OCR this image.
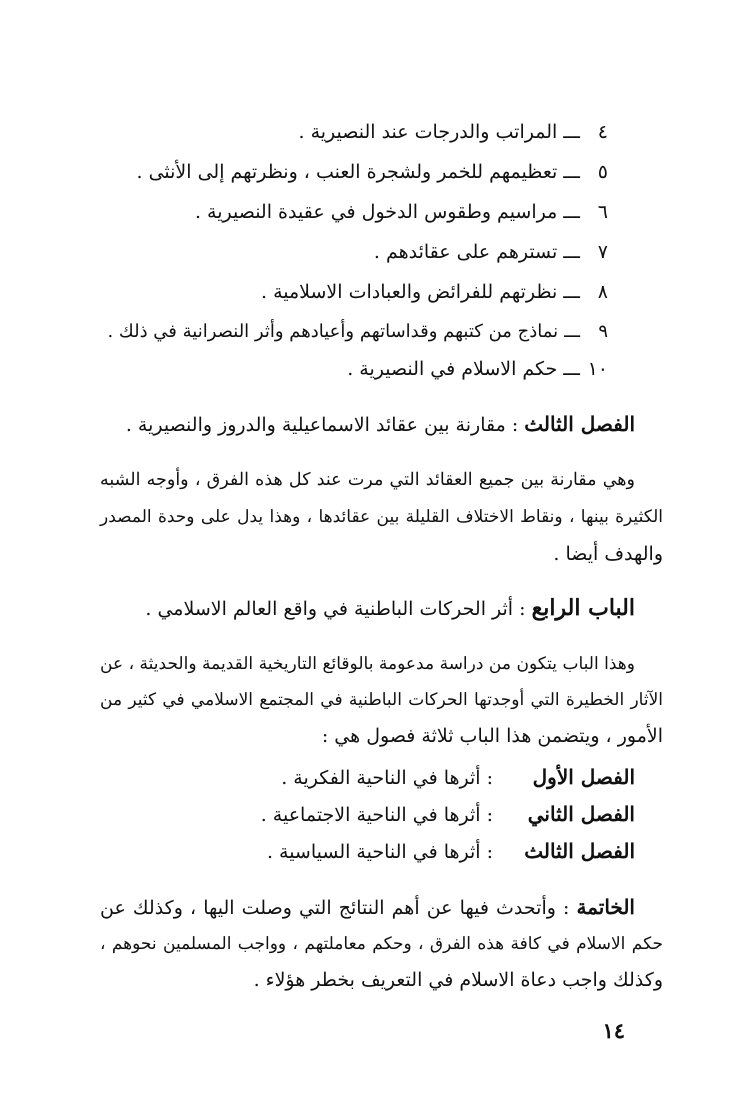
٤ـــالمراتب والدرجات عند النصيرية .
٥ـــتعظيمهم للخمر ولشجرة العنب ، ونظرتهم إلى الأنثى .
٦ـــمراسيم وطقوس الدخول في عقيدة النصيرية .
٧ـــتسترهم على عقائدهم .
٨ـــنظرتهم للفرائض والعبادات الاسلامية .
٩ـــنماذج من كتبهم وقداساتهم وأعيادهم وأثر النصرانية في ذلك .
١٠ـــحكم الاسلام في النصيرية .
الفصل الثالث : مقارنة بين عقائد الاسماعيلية والدروز والنصيرية .
وهي مقارنة بين جميع العقائد التي مرت عند كل هذه الفرق ، وأوجه الشبه
الكثيرة بينها ، ونقاط الاختلاف القليلة بين عقائدها ، وهذا يدل على وحدة المصدر
والهدف أيضا .
الباب الرابع : أثر الحركات الباطنية في واقع العالم الاسلامي .
وهذا الباب يتكون من دراسة مدعومة بالوقائع التاريخية القديمة والحديثة ، عن
الآثار الخطيرة التي أوجدتها الحركات الباطنية في المجتمع الاسلامي في كثير من
الأمور ، ويتضمن هذا الباب ثلاثة فصول هي :
الفصل الأول: أثرها في الناحية الفكرية .
الفصل الثاني: أثرها في الناحية الاجتماعية .
الفصل الثالث: أثرها في الناحية السياسية .
الخاتمة : وأتحدث فيها عن أهم النتائج التي وصلت اليها ، وكذلك عن
حكم الاسلام في كافة هذه الفرق ، وحكم معاملتهم ، وواجب المسلمين نحوهم ،
وكذلك واجب دعاة الاسلام في التعريف بخطر هؤلاء .
١٤
